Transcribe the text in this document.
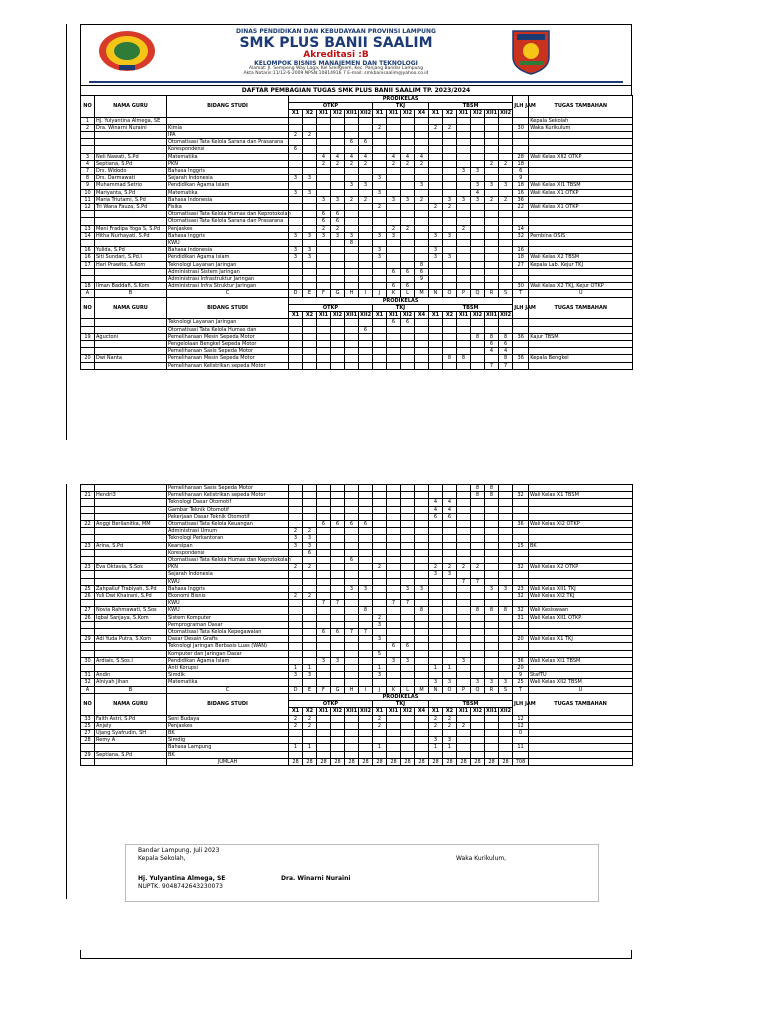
DINAS PENDIDIKAN DAN KEBUDAYAAN PROVINSI LAMPUNG
SMK PLUS BANII SAALIM
Akreditasi :B
KELOMPOK BISNIS MANAJEMEN DAN TEKNOLOGI
Alamat: Jl. Sempeng Way Laga, Kel Srengsem, Kec. Panjang Bandar Lampung
Akta Notaris:11/12-6-2009 NPSN:10814916 7 E-mail: smkbanisaalim@yahoo.co.id
DAFTAR PEMBAGIAN TUGAS SMK PLUS BANII SAALIM TP. 2023/2024
NO	NAMA GURU	BIDANG STUDI	PRODIKELAS																JLH JAM	TUGAS TAMBAHAN
			OTKP						TKJ				TBSM							
			X1	X2	XI1	XI2	XII1	XII2	X1	XI1	XI2	X4	X1	X2	XI1	XI2	XII1	XII2		
1	Hj. Yulyantina Almega, SE																			Kepala Sekolah
2	Dra. Winarni Nuraini	Kimia							2				2	2					30	Waka Kurikulum
		IPA	2	2																
		Otomatisasi Tata Kelola Sarana dan Prasarana					6	6												
		Korespondensi	6																	
3	Neli Nawati, S.Pd	Matematika			4	4	4	4		4	4	4							28	Wali Kelas XII2 OTKP
4	Septiana, S.Pd	PKN			2	2	2	2		2	2	2					2	2	18	
7	Drs. Widodo	Bahasa Inggris													3	3			6	
8	Drs. Darmawati	Sejarah Indonesia	3	3					3										9	
9	Muhammad Setrio	Pendidikan Agama Islam					3	3				3				3	3	3	18	Wali Kelas XI1 TBSM
10	Mariyanta, S.Pd	Matematika	3	3					3							4			16	Wali Kelas X1 OTKP
11	Maria Triutami, S.Pd	Bahasa Indonesia			3	3	2	2		3	3	2		3	3	3	2	2	36	
12	Tri Wana Fauza, S.Pd	Fisika							2				2	2					22	Wali Kelas X1 OTKP
		Otomatisasi Tata Kelola Humas dan Keprotokolan			6	6														
		Otomatisasi Tata Kelola Sarana dan Prasarana			6	6														
13	Meni Fradipa Yoga S, S.Pd	Penjaskes			2	2				2	2				2				14	
14	Hitha Nurhayati, S.Pd	Bahasa Inggris	3	3	3	3	3		3	3			3	3					32	Pembina OSIS
		KWU					8													
16	Yulida, S.Pd	Bahasa Indonesia	3	3					3				3						16	
16	Siti Sundari, S.Pd.I	Pendidikan Agama Islam	3	3					3				3	3					18	Wali Kelas X2 TBSM
17	Hari Prawito, S.Kom	Teknologi Layanan Jaringan										8							27	Kepala Lab. Kejur TKJ
		Administrasi Sistem Jaringan								6	6	6								
		Administrasi Infrastruktur Jaringan										9								
18	Ilman Baddafi, S.Kom	Administrasi Infra Struktur Jaringan								6	6								30	Wali Kelas X2 TKJ, Kejur OTKP
A	B	C	D	E	F	G	H	I	J	K	L	M	N	O	P	Q	R	S	T	U
NO	NAMA GURU	BIDANG STUDI	PRODIKELAS																JLH JAM	TUGAS TAMBAHAN
			OTKP						TKJ				TBSM							
			X1	X2	XI1	XI2	XII1	XII2	X1	XI1	XI2	X4	X1	X2	XI1	XI2	XII1	XII2		
		Teknologi Layanan Jaringan								6	6									
		Otomatisasi Tata Kelola Humas dan						6												
19	Aguctoni	Pemeliharaan Mesin Sepeda Motor														8	8	8	36	Kajur TBSM
		Pengelolaan Bengkel Sepeda Motor															6	6		
		Pemeliharaan Sasis Sepeda Motor															4	4		
20	Dwi Nanta	Pemeliharaan Mesin Sepeda Motor												8	8			8	36	Kepala Bengkel
		Pemeliharaan Kelistrikan sepeda Motor															7	7		
		Pemeliharaan Sasis Sepeda Motor														8	8			
21	Hendri3	Pemeliharaan Kelistrikan sepeda Motor														8	8		32	Wali Kelas X1 TBSM
		Teknologi Dasar Otomotif											4	4						
		Gambar Teknik Otomotif											4	4						
		Pekerjaan Dasar Teknik Otomotif											6	6						
22	Anggi Berlianitka, MM	Otomatisasi Tata Kelola Keuangan			6	6	6	6											36	Wali Kelas XI2 OTKP
		Administrasi Umum	2	2																
		Teknologi Perkantoran	3	3																
23	Arina, S.Pd	Kearsipan	3	3															15	BK
		Korespondensi		6																
		Otomatisasi Tata Kelola Humas dan Keprotokolan					6													
23	Eva Oktavia, S.Sos	PKN	2	2					2				2	2	2	2			32	Wali Kelas X2 OTKP
		Sejarah Indonesia											3	3						
		KWU													7	7				
25	Zahpalluf Trabiyah, S.Pd	Bahasa Inggris					3	3			3	3					3	3	23	Wali Kelas XII1 TKJ
26	Yuli Dwi Khairani, S.Pd	Ekonomi Bisnis	2	2															32	Wali Kelas XI2 TKJ
		KWU			7	7				7	7									
27	Novia Rahmawati, S.Sos	KWU						8				8				8	8	8	32	Wali Kesiswaan
26	Iqbal Sanjaya, S.Kom	Sistem Komputer							2										31	Wali Kelas XII1 OTKP
		Pemprograman Dasar							3											
		Otomatisasi Tata Kelola Kepegawaian			6	6	7	7												
29	Adi Yuda Putra, S.Kom	Dasar Desain Grafis							3										20	Wali Kelas X1 TKJ
		Teknologi Jaringan Berbasis Luas (WAN)								6	6									
		Komputer dan Jaringan Dasar							5											
30	Ardiais, S.Sos.I	Pendidikan Agama Islam			3	3				3	3				3				36	Wali Kelas XI1 TBSM
		Anti Korupsi	1	1					1				1	1					20	
31	Andin	Simdik	3	3					3										9	StafTU
32	Alniyah Jihan	Matematika											3	3		3	3	3	25	Wali Kelas XII2 TBSM
A	B	C	D	E	F	G	H	I	J	K	L	M	N	O	P	Q	R	S	T	U
NO	NAMA GURU	BIDANG STUDI	PRODIKELAS																JLH JAM	TUGAS TAMBAHAN
			OTKP						TKJ				TBSM							
			X1	X2	XI1	XI2	XII1	XII2	X1	XI1	XI2	X4	X1	X2	XI1	XI2	XII1	XII2		
33	Faith Astri, S.Pd	Seni Budaya	2	2					2				2	2					12	
25	Anjely	Penjaskes	2	2					2				2	2	2				12	
27	Ujang Syafrudin, SH	BK																	0	
28	Remy A	Simdig											3	3						
		Bahasa Lampung	1	1					1				1	1					11	
29	Septiana, S.Pd	BK																		
		JUMLAH	28	28	28	28	28	28	28	28	28	28	28	28	28	28	28	28	708	
Bandar Lampung, Juli 2023
Kepala Sekolah,
Hj. Yulyantina Almega, SE
NUPTK. 9048742643230073
Waka Kurikulum,
Dra. Winarni Nuraini
